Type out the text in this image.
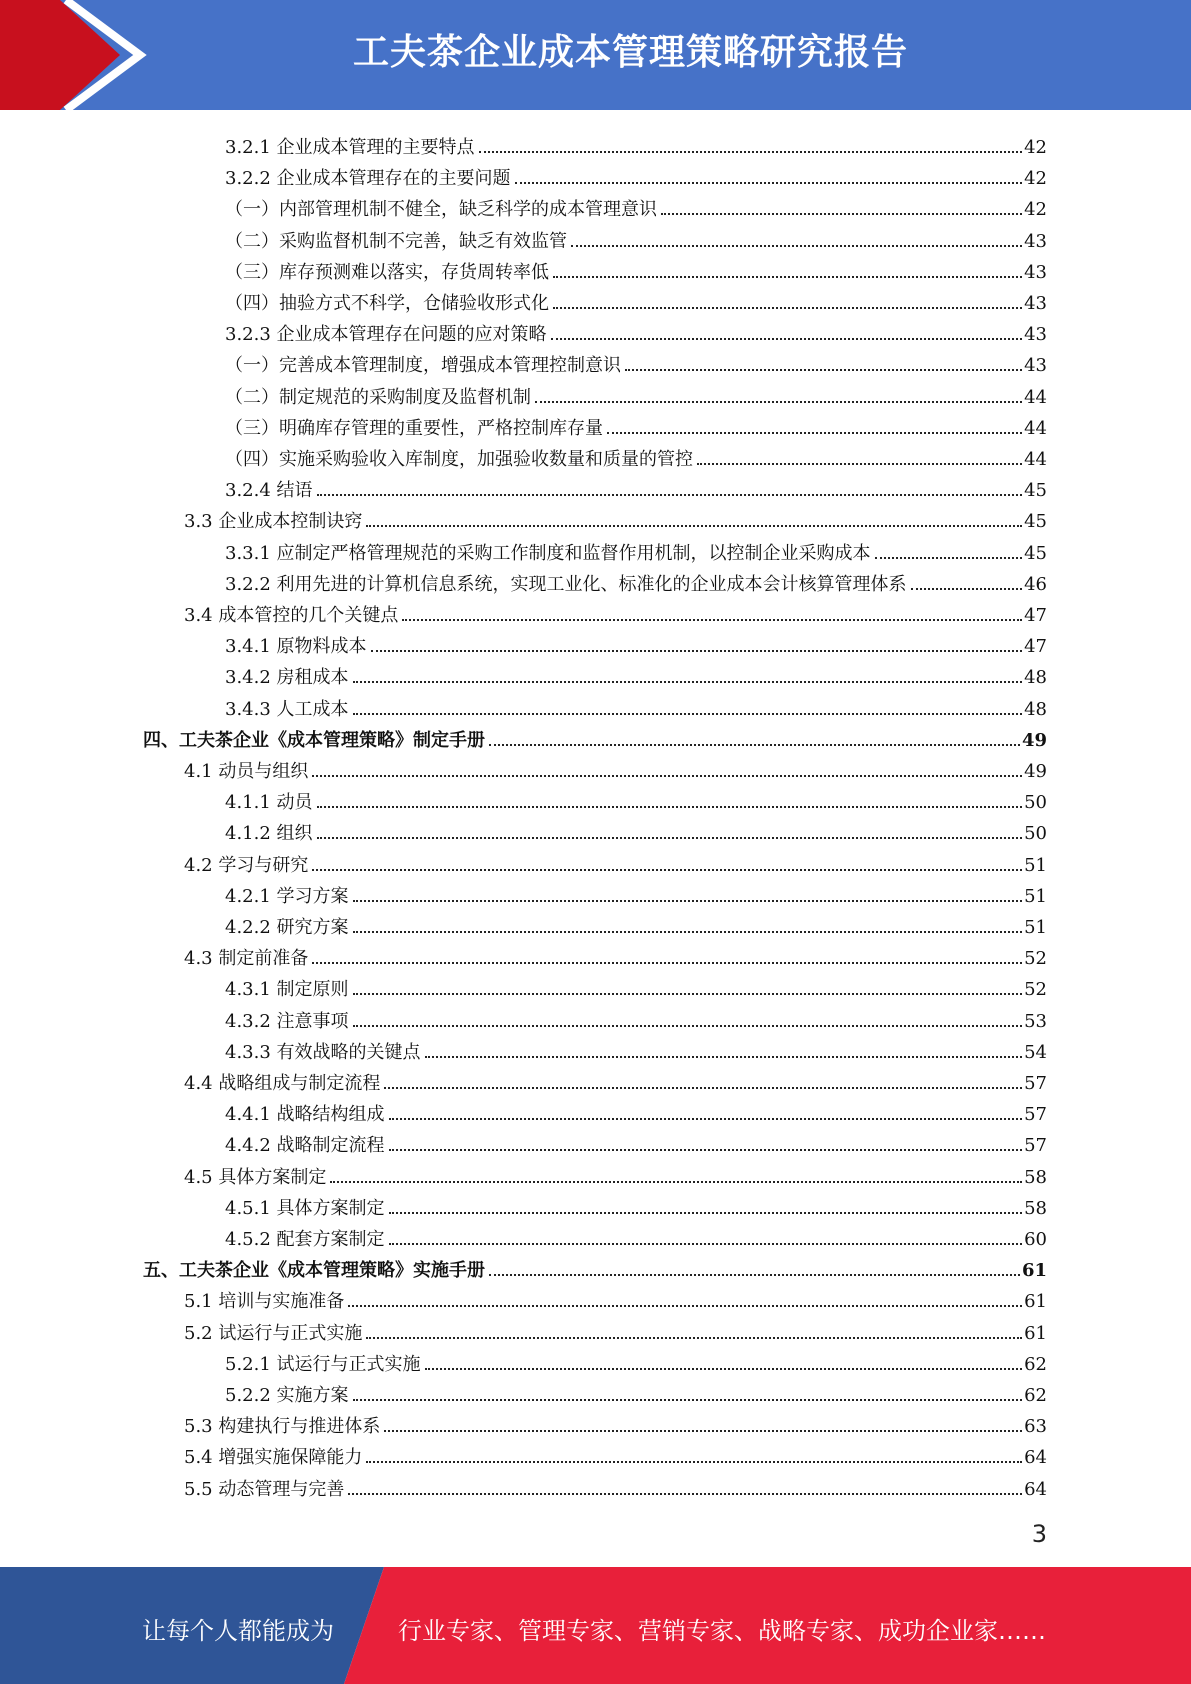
工夫茶企业成本管理策略研究报告
3.2.1 企业成本管理的主要特点	42
3.2.2 企业成本管理存在的主要问题	42
（一）内部管理机制不健全，缺乏科学的成本管理意识	42
（二）采购监督机制不完善，缺乏有效监管	43
（三）库存预测难以落实，存货周转率低	43
（四）抽验方式不科学，仓储验收形式化	43
3.2.3 企业成本管理存在问题的应对策略	43
（一）完善成本管理制度，增强成本管理控制意识	43
（二）制定规范的采购制度及监督机制	44
（三）明确库存管理的重要性，严格控制库存量	44
（四）实施采购验收入库制度，加强验收数量和质量的管控	44
3.2.4 结语	45
3.3 企业成本控制诀窍	45
3.3.1 应制定严格管理规范的采购工作制度和监督作用机制，以控制企业采购成本	45
3.2.2 利用先进的计算机信息系统，实现工业化、标准化的企业成本会计核算管理体系	46
3.4 成本管控的几个关键点	47
3.4.1 原物料成本	47
3.4.2 房租成本	48
3.4.3 人工成本	48
四、工夫茶企业《成本管理策略》制定手册	49
4.1 动员与组织	49
4.1.1 动员	50
4.1.2 组织	50
4.2 学习与研究	51
4.2.1 学习方案	51
4.2.2 研究方案	51
4.3 制定前准备	52
4.3.1 制定原则	52
4.3.2 注意事项	53
4.3.3 有效战略的关键点	54
4.4 战略组成与制定流程	57
4.4.1 战略结构组成	57
4.4.2 战略制定流程	57
4.5 具体方案制定	58
4.5.1 具体方案制定	58
4.5.2 配套方案制定	60
五、工夫茶企业《成本管理策略》实施手册	61
5.1 培训与实施准备	61
5.2 试运行与正式实施	61
5.2.1 试运行与正式实施	62
5.2.2 实施方案	62
5.3 构建执行与推进体系	63
5.4 增强实施保障能力	64
5.5 动态管理与完善	64
3
让每个人都能成为	行业专家、管理专家、营销专家、战略专家、成功企业家……
